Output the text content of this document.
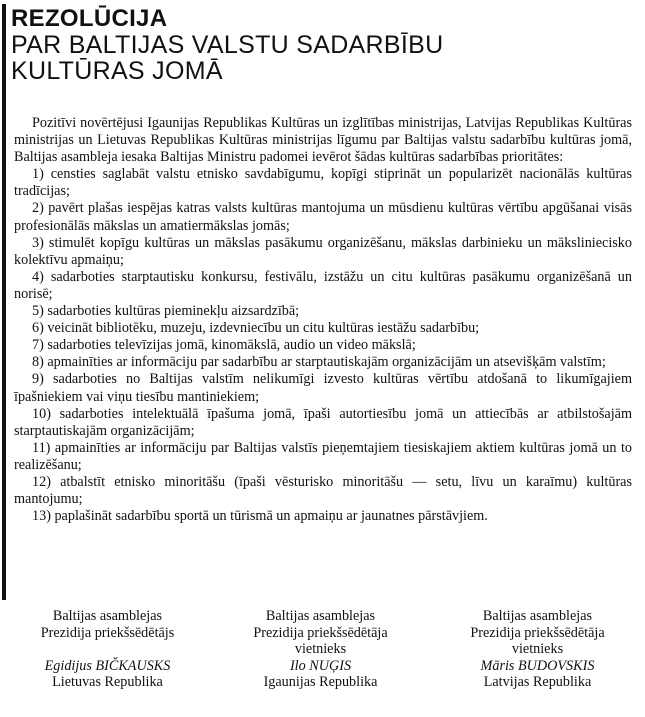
REZOLŪCIJA
PAR BALTIJAS VALSTU SADARBĪBU
KULTŪRAS JOMĀ

Pozitīvi novērtējusi Igaunijas Republikas Kultūras un izglītības ministrijas, Latvijas Republikas Kultūras ministrijas un Lietuvas Republikas Kultūras ministrijas līgumu par Baltijas valstu sadarbību kultūras jomā, Baltijas asambleja iesaka Baltijas Ministru padomei ievērot šādas kultūras sadarbības prioritātes:

1) censties saglabāt valstu etnisko savdabīgumu, kopīgi stiprināt un popularizēt nacionālās kultūras tradīcijas;

2) pavērt plašas iespējas katras valsts kultūras mantojuma un mūsdienu kultūras vērtību apgūšanai visās profesionālās mākslas un amatiermākslas jomās;

3) stimulēt kopīgu kultūras un mākslas pasākumu organizēšanu, mākslas darbinieku un mākslinieciskо kolektīvu apmaiņu;

4) sadarboties starptautisku konkursu, festivālu, izstāžu un citu kultūras pasākumu organizēšanā un norisē;

5) sadarboties kultūras pieminekļu aizsardzībā;

6) veicināt bibliotēku, muzeju, izdevniecību un citu kultūras iestāžu sadarbību;

7) sadarboties televīzijas jomā, kinomākslā, audio un video mākslā;

8) apmainīties ar informāciju par sadarbību ar starptautiskajām organizācijām un atsevišķām valstīm;

9) sadarboties no Baltijas valstīm nelikumīgi izvesto kultūras vērtību atdošanā to likumīgajiem īpašniekiem vai viņu tiesību mantiniekiem;

10) sadarboties intelektuālā īpašuma jomā, īpaši autortiesību jomā un attiecībās ar atbilstošajām starptautiskajām organizācijām;

11) apmainīties ar informāciju par Baltijas valstīs pieņemtajiem tiesiskajiem aktiem kultūras jomā un to realizēšanu;

12) atbalstīt etnisko minoritāšu (īpaši vēsturisko minoritāšu — setu, līvu un karaīmu) kultūras mantojumu;

13) paplašināt sadarbību sportā un tūrismā un apmaiņu ar jaunatnes pārstāvjiem.

Baltijas asamblejas
Prezidija priekšsēdētājs

Egidijus BIČKAUSKS
Lietuvas Republika
Baltijas asamblejas
Prezidija priekšsēdētāja
vietnieks
Ilo NUĢIS
Igaunijas Republika
Baltijas asamblejas
Prezidija priekšsēdētāja
vietnieks
Māris BUDOVSKIS
Latvijas Republika
